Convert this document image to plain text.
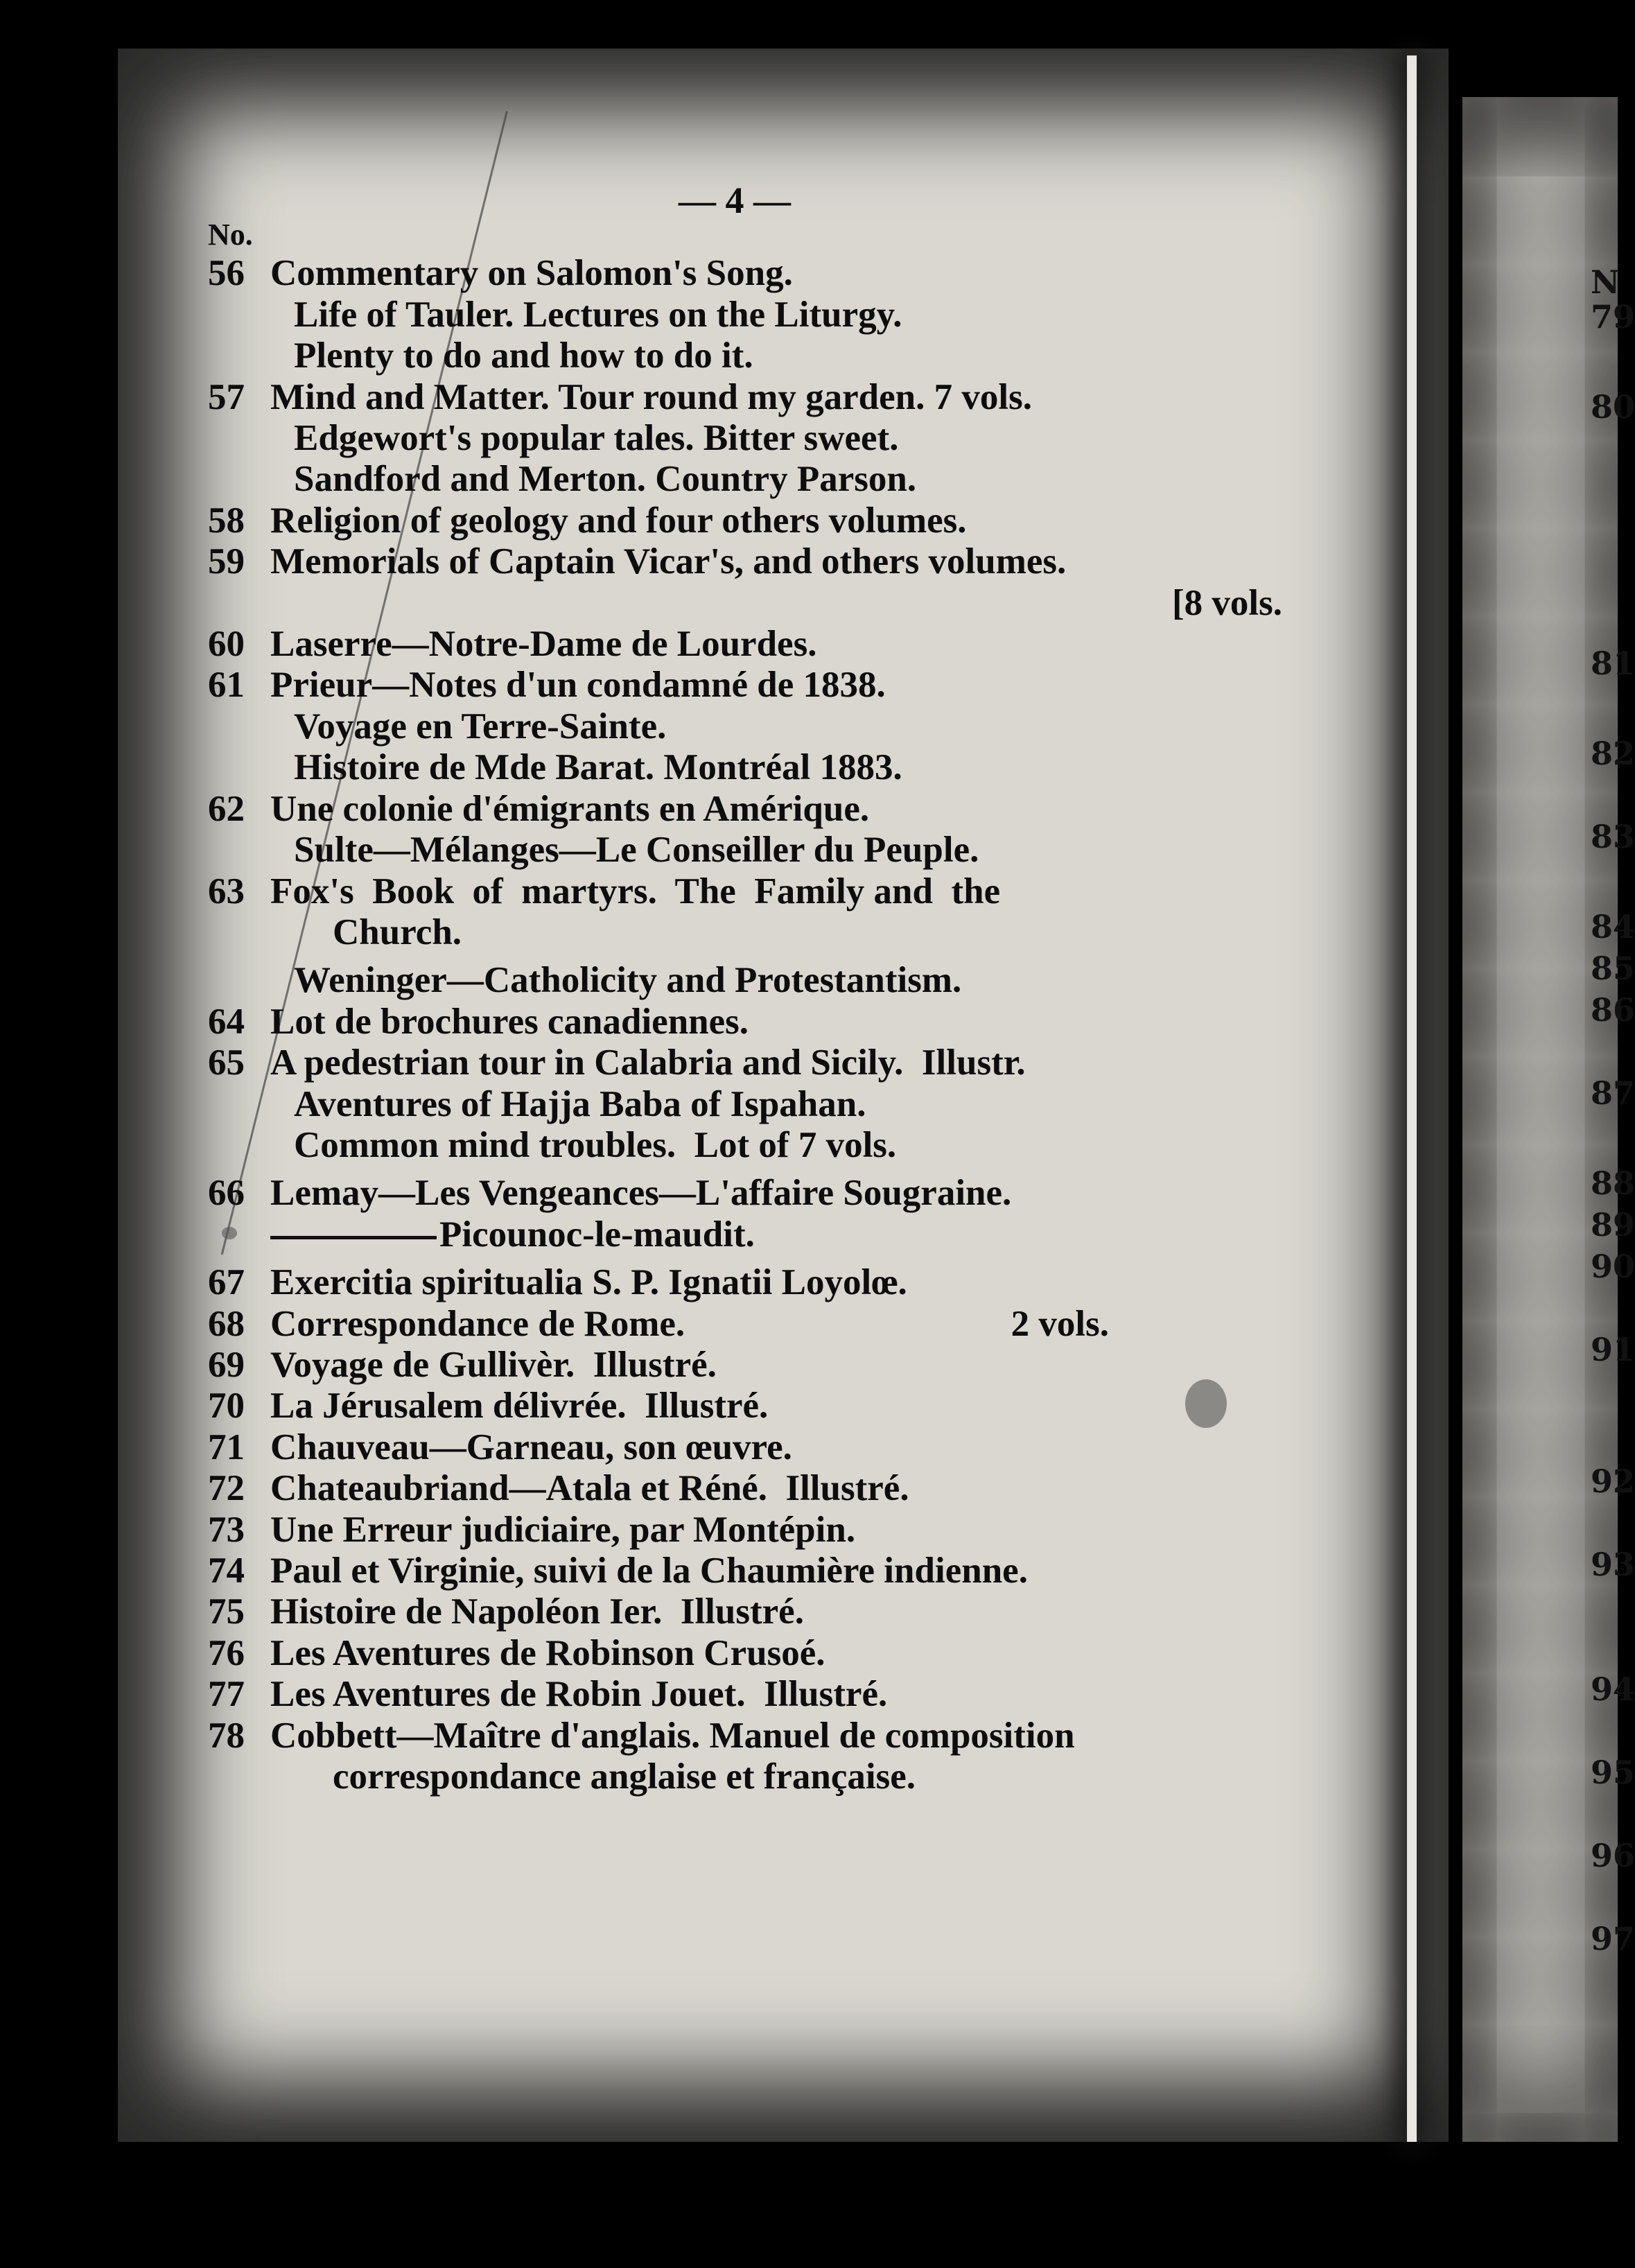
N
79
80
81
82
83
84
85
86
87
88
89
90
91
92
93
94
95
96
97
— 4 —
No.
56 Commentary on Salomon's Song.
Life of Tauler. Lectures on the Liturgy.
Plenty to do and how to do it.
57 Mind and Matter. Tour round my garden. 7 vols.
Edgewort's popular tales. Bitter sweet.
Sandford and Merton. Country Parson.
58 Religion of geology and four others volumes.
59 Memorials of Captain Vicar's, and others volumes.
[8 vols.
60 Laserre—Notre-Dame de Lourdes.
61 Prieur—Notes d'un condamné de 1838.
Voyage en Terre-Sainte.
Histoire de Mde Barat. Montréal 1883.
62 Une colonie d'émigrants en Amérique.
Sulte—Mélanges—Le Conseiller du Peuple.
63 Fox's  Book  of  martyrs.  The  Family and  the
Church.
Weninger—Catholicity and Protestantism.
64 Lot de brochures canadiennes.
65 A pedestrian tour in Calabria and Sicily.  Illustr.
Aventures of Hajja Baba of Ispahan.
Common mind troubles.  Lot of 7 vols.
66 Lemay—Les Vengeances—L'affaire Sougraine.
Picounoc-le-maudit.
67 Exercitia spiritualia S. P. Ignatii Loyolœ.
68 Correspondance de Rome.	2 vols.
69 Voyage de Gullivèr.  Illustré.
70 La Jérusalem délivrée.  Illustré.
71 Chauveau—Garneau, son œuvre.
72 Chateaubriand—Atala et Réné.  Illustré.
73 Une Erreur judiciaire, par Montépin.
74 Paul et Virginie, suivi de la Chaumière indienne.
75 Histoire de Napoléon Ier.  Illustré.
76 Les Aventures de Robinson Crusoé.
77 Les Aventures de Robin Jouet.  Illustré.
78 Cobbett—Maître d'anglais. Manuel de composition
correspondance anglaise et française.
